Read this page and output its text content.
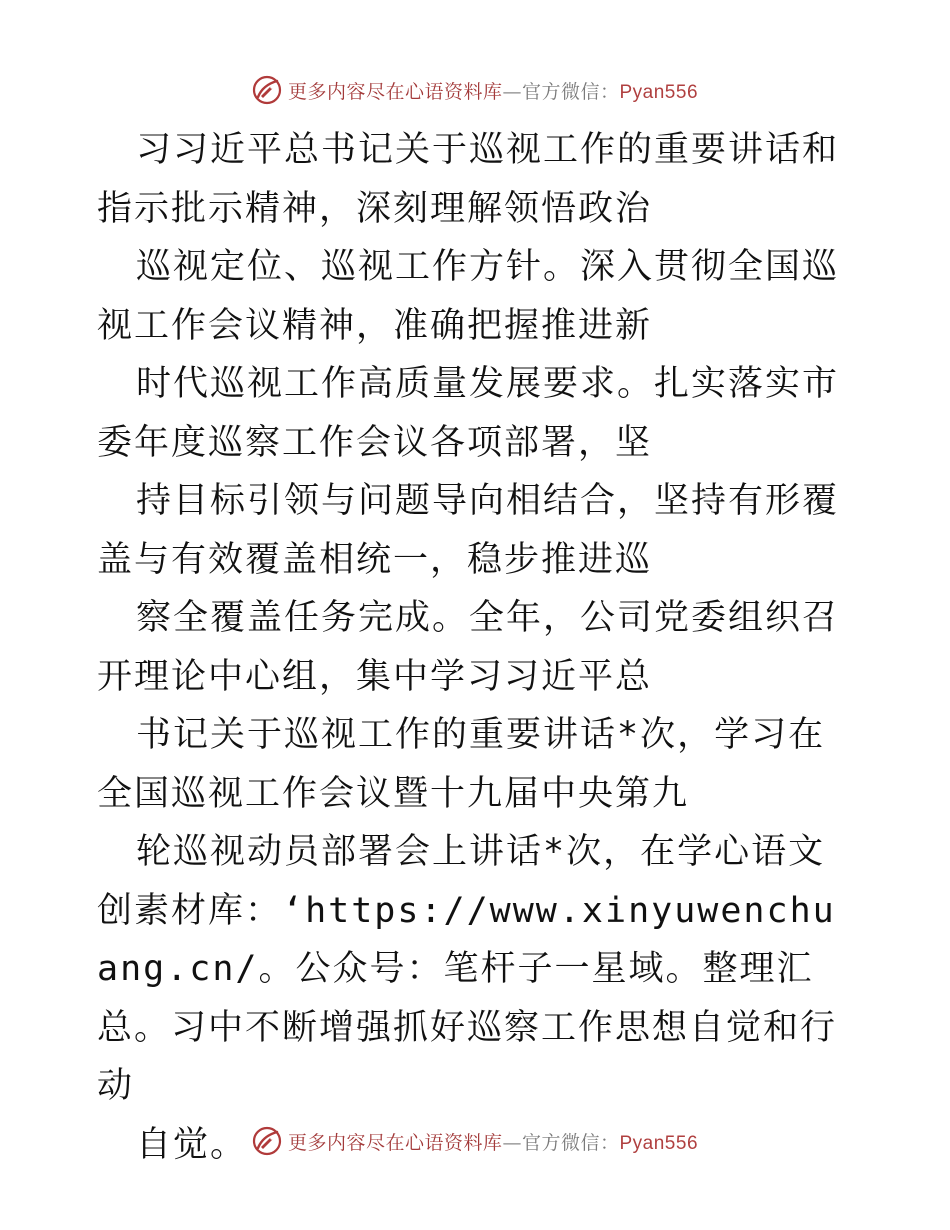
更多内容尽在心语资料库—官方微信：Pyan556

习习近平总书记关于巡视工作的重要讲话和指示批示精神，深刻理解领悟政治

巡视定位、巡视工作方针。深入贯彻全国巡视工作会议精神，准确把握推进新

时代巡视工作高质量发展要求。扎实落实市委年度巡察工作会议各项部署，坚

持目标引领与问题导向相结合，坚持有形覆盖与有效覆盖相统一，稳步推进巡

察全覆盖任务完成。全年，公司党委组织召开理论中心组，集中学习习近平总

书记关于巡视工作的重要讲话*次，学习在全国巡视工作会议暨十九届中央第九

轮巡视动员部署会上讲话*次，在学心语文创素材库：‘https://www.xinyuwenchuang.cn/。公众号：笔杆子一星域。整理汇总。习中不断增强抓好巡察工作思想自觉和行动

自觉。	更多内容尽在心语资料库—官方微信：Pyan556
